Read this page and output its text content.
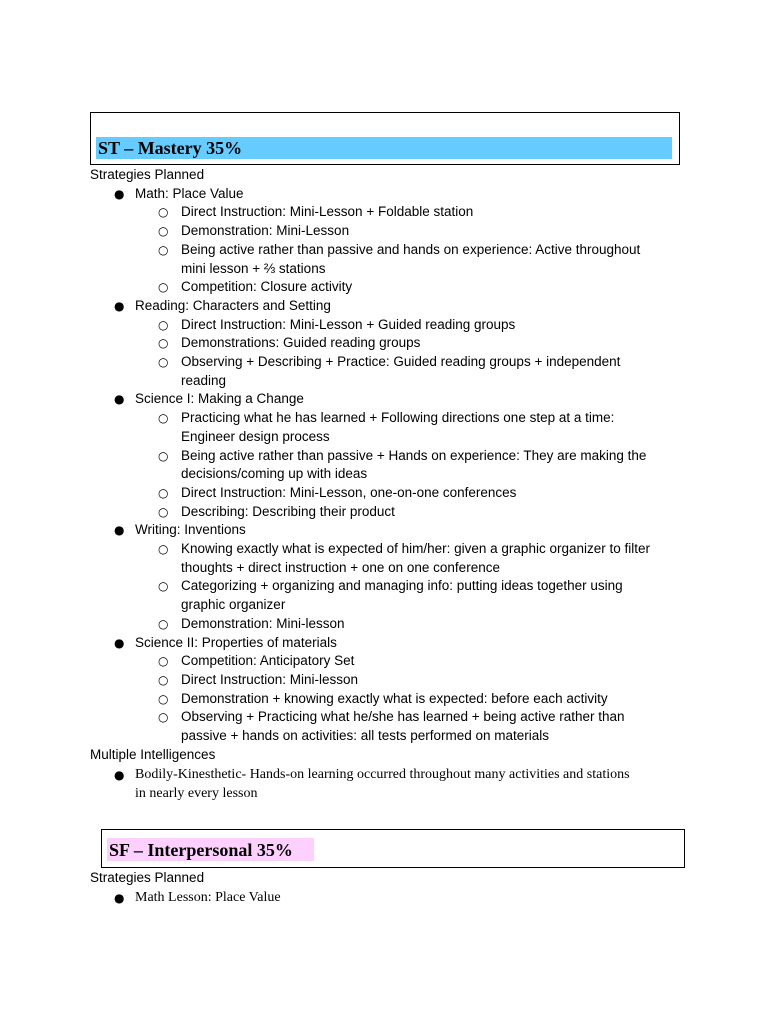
ST – Mastery 35%
SF – Interpersonal 35%
Strategies Planned
● Math: Place Value
○ Direct Instruction: Mini-Lesson + Foldable station
○ Demonstration: Mini-Lesson
○ Being active rather than passive and hands on experience: Active throughout
mini lesson + ⅔ stations
○ Competition: Closure activity
● Reading: Characters and Setting
○ Direct Instruction: Mini-Lesson + Guided reading groups
○ Demonstrations: Guided reading groups
○ Observing + Describing + Practice: Guided reading groups + independent
reading
● Science I: Making a Change
○ Practicing what he has learned + Following directions one step at a time:
Engineer design process
○ Being active rather than passive + Hands on experience: They are making the
decisions/coming up with ideas
○ Direct Instruction: Mini-Lesson, one-on-one conferences
○ Describing: Describing their product
● Writing: Inventions
○ Knowing exactly what is expected of him/her: given a graphic organizer to filter
thoughts + direct instruction + one on one conference
○ Categorizing + organizing and managing info: putting ideas together using
graphic organizer
○ Demonstration: Mini-lesson
● Science II: Properties of materials
○ Competition: Anticipatory Set
○ Direct Instruction: Mini-lesson
○ Demonstration + knowing exactly what is expected: before each activity
○ Observing + Practicing what he/she has learned + being active rather than
passive + hands on activities: all tests performed on materials
Multiple Intelligences
● Bodily-Kinesthetic- Hands-on learning occurred throughout many activities and stations
in nearly every lesson
Strategies Planned
● Math Lesson: Place Value
